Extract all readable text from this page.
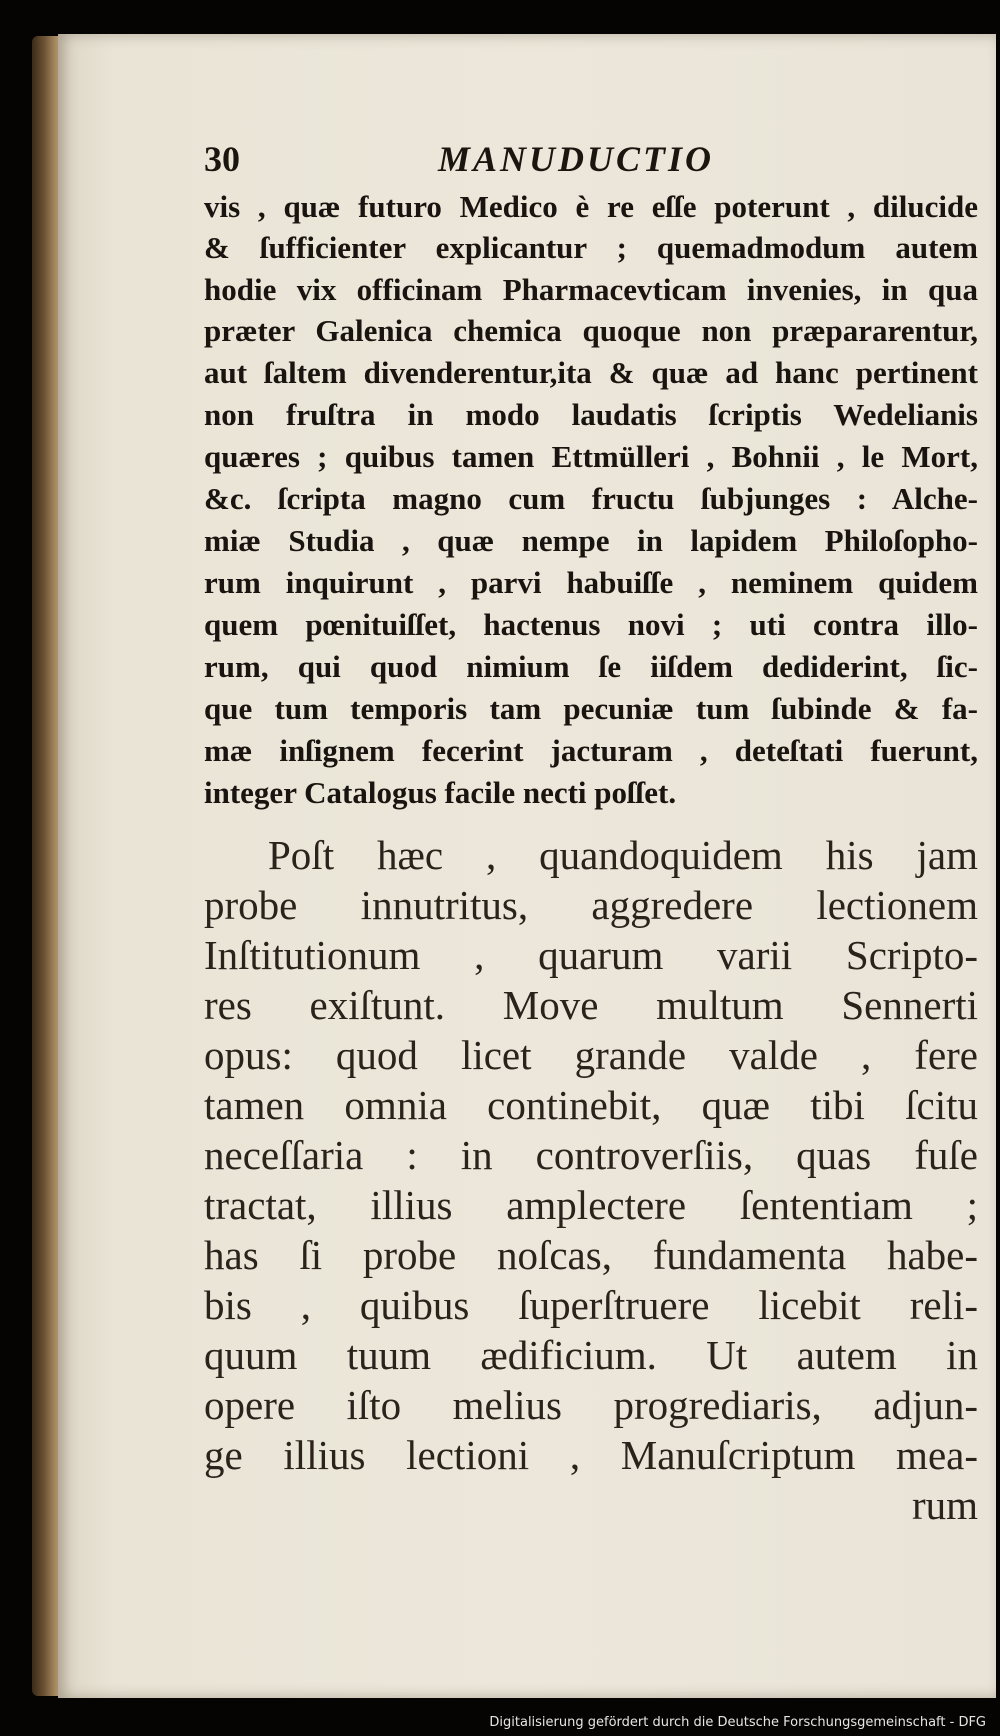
30	MANUDUCTIO

vis , quæ futuro Medico è re eſſe poterunt , dilucide

& ſufficienter explicantur ; quemadmodum autem

hodie vix officinam Pharmacevticam invenies, in qua

præter Galenica chemica quoque non præpararentur,

aut ſaltem divenderentur,ita & quæ ad hanc pertinent

non fruſtra in modo laudatis ſcriptis Wedelianis

quæres ; quibus tamen Ettmülleri , Bohnii , le Mort,

&c. ſcripta magno cum fructu ſubjunges : Alche-

miæ Studia , quæ nempe in lapidem Philoſopho-

rum inquirunt , parvi habuiſſe , neminem quidem

quem pœnituiſſet, hactenus novi ; uti contra illo-

rum, qui quod nimium ſe iiſdem dediderint, ſic-

que tum temporis tam pecuniæ tum ſubinde & fa-

mæ inſignem fecerint jacturam , deteſtati fuerunt,

integer Catalogus facile necti poſſet.

Poſt hæc , quandoquidem his jam

probe innutritus, aggredere lectionem

Inſtitutionum , quarum varii Scripto-

res exiſtunt. Move multum Sennerti

opus: quod licet grande valde , fere

tamen omnia continebit, quæ tibi ſcitu

neceſſaria : in controverſiis, quas fuſe

tractat, illius amplectere ſententiam ;

has ſi probe noſcas, fundamenta habe-

bis , quibus ſuperſtruere licebit reli-

quum tuum ædificium. Ut autem in

opere iſto melius progrediaris, adjun-

ge illius lectioni , Manuſcriptum mea-

rum

Digitalisierung gefördert durch die Deutsche Forschungsgemeinschaft - DFG
